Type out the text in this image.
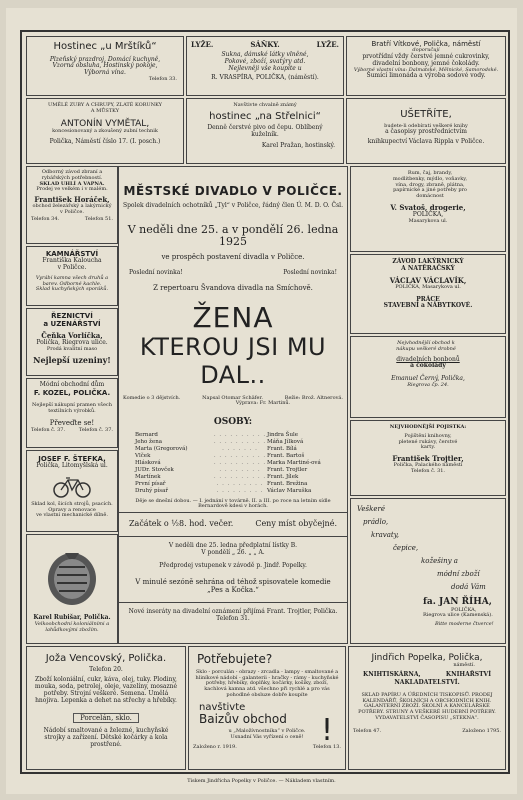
Hostinec „u Mrštíků“
Plzeňský prazdroj, Domácí kuchyně,
Vzorná obsluha, Hostinský pokoje,
Výborná vína.
Telefon 33.
LYŽE.	SÁŇKY.	LYŽE.
Sukna, dámské látky vlněné,
Pokové, zboží, svatýry atd.
Nejlevněji vše koupíte u
R. VRASPÍRA, POLIČKA, (náměstí).
Bratří Vítkové, Polička, náměstí
doporučují
prvotřídní vždy čerstvé jemné cukrovinky,
divadelní bonbony, jemné čokolády.
Výborné vlastní vína: Dalmatské, Mělnické, Samorodské.
Šumící limonáda a výroba sodové vody.
UMĚLÉ ZUBY A CHRUPY, ZLATÉ KORUNKY
A MŮSTKY
ANTONÍN VYMĚTAL,
koncesionovaný a zkoušený zubní technik
Polička, Náměstí číslo 17. (I. posch.)
Navštivte chvalně známý
hostinec „na Střelnici“
Denně čerstvé pivo od čepu. Oblíbený kuželník.
Karel Pražan, hostinský.
UŠETŘÍTE,
budete-li odebírati veškeré knihy
a časopisy prostřednictvím
knihkupectví Václava Rippla v Poličce.
Odborný závod zbraní a rybářských potřebností.
SKLAD UHLÍ A VAPNA.
Prodej ve velkém i v malém.
František Horáček,
obchod železářský a lakýrnický
v Poličce.
Telefon 34.	Telefon 51.
KAMNÁŘSTVÍ
Františka Kaloucha
v Poličce.
Vyrábí kamna všech druhů a barev. Odborné kachle.
Sklad kuchyňských sporáků.
ŘEZNICTVÍ
a UZENÁŘSTVÍ
Čeňka Vorlíčka,
Polička, Riegrova ulice.
Prodá kvalitní maso
Nejlepší uzeniny!
Módní obchodní dům
F. KOZEL, POLIČKA.
Nejlepší nákupní pramen všech textilních výrobků.
Převeďte se!
Telefon č. 37.	Telefon č. 37.
JOSEF F. ŠTEFKA,
Polička, Litomyšlská ul.
Sklad kol, šicích strojů, psacích. Opravy a renovace
ve vlastní mechanické dílně.
Karel Rubišar, Polička.
Velkoobchodní koloniálními a lahůdkovými zbožím.
MĚSTSKÉ DIVADLO V POLIČCE.
Spolek divadelních ochotníků „Tyl“ v Poličce, řádný člen Ú. M. D. O. Čsl.
V neděli dne 25. a v pondělí 26. ledna 1925
ve prospěch postavení divadla v Poličce.
Poslední novinka!	Poslední novinka!
Z repertoaru Švandova divadla na Smíchově.
ŽENA
KTEROU JSI MU DAL..
Komedie o 3 dějstvích.	Napsal Otomar Schäfer.	Režie: Brož. Altnerová.
Výprava: Fr. Martinů.
OSOBY:
Bernard	. . . . . . . . . . Jindra Šule
Jeho žena	. . . . . . . . . . Máňa Jílková
Marta (Gregorová)	. . . . . . .	Frant. Bílá
Vlček	. . . . . . . . . . Frant. Bartoš
Hlásková	. . . . . . . . . . Marka Martiné-ová
JUDr. Stovček	. . . . . . . .	Frant. Trojtler
Martínek	. . . . . . . . . . Frant. Jílek
První písař	. . . . . . . . . Frant. Brežina
Druhý písař	. . . . . . . . . Václav Maruška
Děje se dnešní dobou. — I. jednání v továrně. II. a III. po roce na letním sídle Bernardově kdesi v horách.
Začátek o ½8. hod. večer.	Ceny míst obyčejné.
V neděli dne 25. ledna předplatní lístky B.
V pondělí „ 26. „ „ A.
Předprodej vstupenek v závodě p. Jindř. Popelky.
V minulé sezóně sehrána od téhož spisovatele komedie
„Pes a Kočka.“
Nové inseráty na divadelní oznámení přijímá Frant. Trojtler, Polička.
Telefon 31.
Rum, čaj, brandy, modlitbenky, mýdlo, voňavky, vína, drogy, zbraně, plátna, papírnické a jiné potřeby pro domácnost
V. Svatoš, drogerie,
POLIČKA,
Masarykova ul.
ZÁVOD LAKÝRNICKÝ
A NATĚRAČSKÝ
VÁCLAV VÁCLAVÍK,
POLIČKA, Masarykova ul.
PRÁCE
STAVEBNÍ a NÁBYTKOVÉ.
Nejvhodnější obchod k nákupu veškeré drobné
divadelních bonbonů
a čokolády
Emanuel Černý, Polička,
Riegrova čp. 24.
NEJVHODNĚJŠÍ POJISTKA:
Pojištění knihovny,
pletené rukávy, čerstvé karty.
František Trojtler,
Polička, Palackého náměstí
Telefon č. 31.
Veškeré
prádlo,
kravaty,
čepice,
kožešiny a
módní zboží
dodá Vám
fa. JAN ŘÍHA,
POLIČKA,
Riegrova ulice (Kamenská).
Bitte moderne čtverce!
Joža Vencovský, Polička.
Telefon 20.
Zboží koloniální, cukr, káva, olej, tuky. Plodiny, mouka, soda, petrolej, oleje, vazelíny, mosazné potřeby. Strojní veškeré. Semena. Umělá hnojiva. Lepenka a dehet na střechy a hřebíky.
Porcelán, sklo.
Nádobí smaltované a železné, kuchyňské strojky a zařízení. Dětské kočárky a kola prostřené.
Potřebujete?
Sklo - porculán - obrazy - zrcadla - lampy - smaltované a hliníkové nádobí - galanterii - hračky - rámy - kuchyňské potřeby, hřebíky, doplňky, kočárky, košíky, zboží, kachlová kamna atd. všechno při rychlé a pro vás pohodlné obsluze dobře koupíte
navštivte
Baizův obchod	!
u „Maložívnostníka“ v Poličce.
Usnadní Vás vyřízení o ceně!
Založeno r. 1919.	Telefon 13.
Jindřich Popelka, Polička,
náměstí.
KNIHTISKÁRNA,	KNIHAŘSTVÍ
NAKLADATELSTVÍ.
SKLAD PAPÍRU A ÚŘEDNÍCH TISKOPISŮ. PRODEJ KALENDÁŘŮ, ŠKOLNÍCH A OBCHODNÍCH KNIH. GALANTERNÍ ZBOŽÍ. ŠKOLNÍ A KANCELÁŘSKÉ POTŘEBY. STRUNY A VEŠKERÉ HUDEBNÍ POTŘEBY. VYDAVATELSTVÍ ČASOPISU „STEKNA“.
Telefon 47.	Založeno 1795.
Tiskem Jindřicha Popelky v Poličce. — Nákladem vlastním.
